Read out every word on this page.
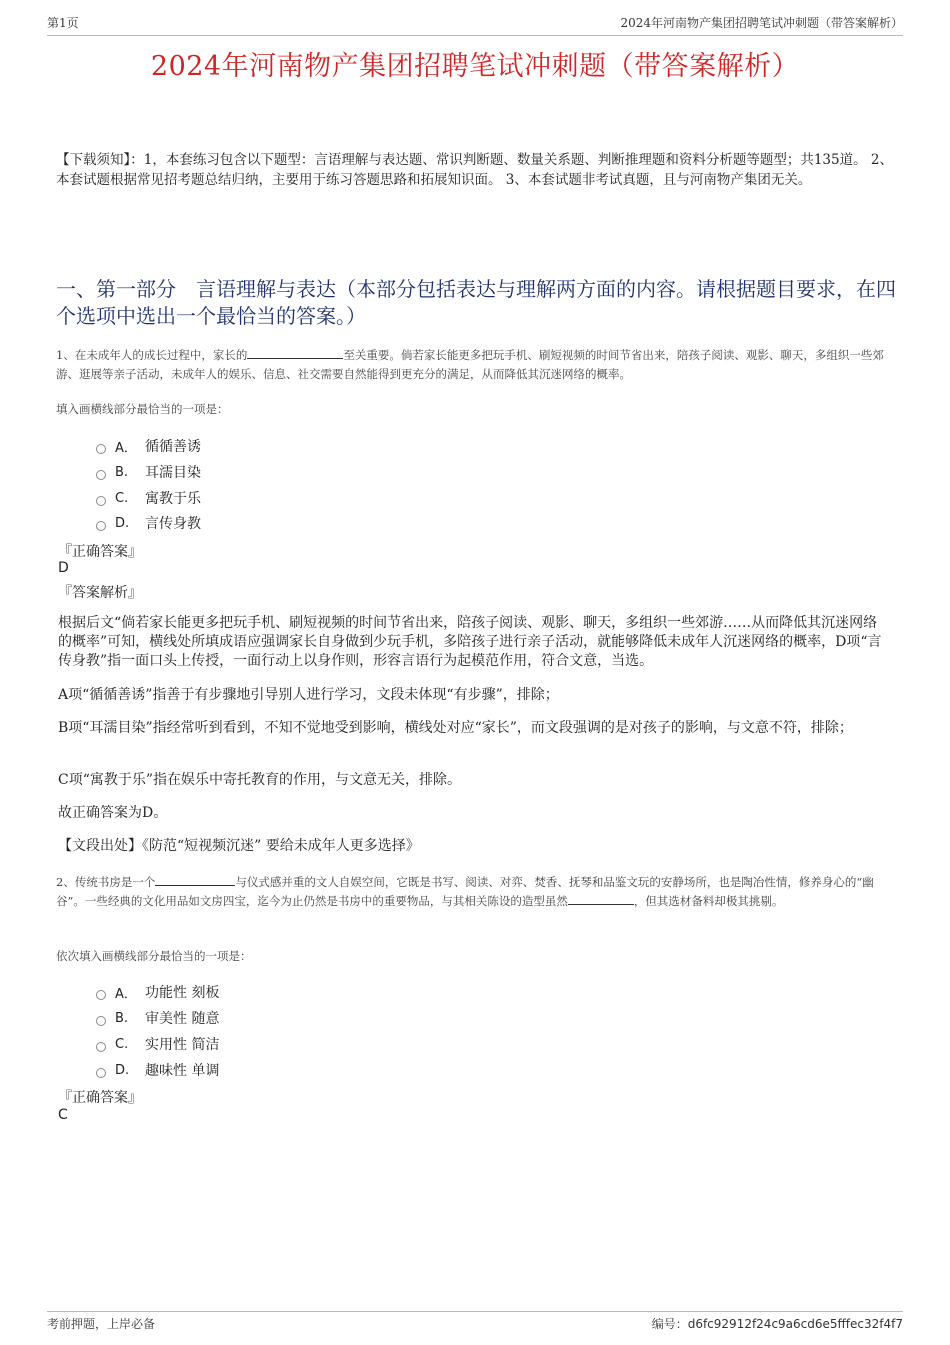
第1页	2024年河南物产集团招聘笔试冲刺题（带答案解析）
2024年河南物产集团招聘笔试冲刺题（带答案解析）
【下载须知】：1，本套练习包含以下题型：言语理解与表达题、常识判断题、数量关系题、判断推理题和资料分析题等题型；共135道。 2、本套试题根据常见招考题总结归纳，主要用于练习答题思路和拓展知识面。 3、本套试题非考试真题，且与河南物产集团无关。
一、第一部分　言语理解与表达（本部分包括表达与理解两方面的内容。请根据题目要求，在四个选项中选出一个最恰当的答案。）
1、在未成年人的成长过程中，家长的	至关重要。倘若家长能更多把玩手机、刷短视频的时间节省出来，陪孩子阅读、观影、聊天，多组织一些郊游、逛展等亲子活动，未成年人的娱乐、信息、社交需要自然能得到更充分的满足，从而降低其沉迷网络的概率。
填入画横线部分最恰当的一项是：
A． 循循善诱
B.	耳濡目染
C.	寓教于乐
D.	言传身教
『正确答案』
D
『答案解析』
根据后文“倘若家长能更多把玩手机、刷短视频的时间节省出来，陪孩子阅读、观影、聊天，多组织一些郊游……从而降低其沉迷网络的概率”可知，横线处所填成语应强调家长自身做到少玩手机，多陪孩子进行亲子活动，就能够降低未成年人沉迷网络的概率，D项“言传身教”指一面口头上传授，一面行动上以身作则，形容言语行为起模范作用，符合文意，当选。
A项“循循善诱”指善于有步骤地引导别人进行学习，文段未体现“有步骤”，排除；
B项“耳濡目染”指经常听到看到，不知不觉地受到影响，横线处对应“家长”，而文段强调的是对孩子的影响，与文意不符，排除；
C项“寓教于乐”指在娱乐中寄托教育的作用，与文意无关，排除。
故正确答案为D。
【文段出处】《防范“短视频沉迷” 要给未成年人更多选择》
2、传统书房是一个	与仪式感并重的文人自娱空间，它既是书写、阅读、对弈、焚香、抚琴和品鉴文玩的安静场所，也是陶冶性情，修养身心的“幽谷”。一些经典的文化用品如文房四宝，迄今为止仍然是书房中的重要物品，与其相关陈设的造型虽然	，但其选材备料却极其挑剔。
依次填入画横线部分最恰当的一项是：
A． 功能性 刻板
B.	审美性 随意
C.	实用性 简洁
D.	趣味性 单调
『正确答案』
C
考前押题，上岸必备	编号：d6fc92912f24c9a6cd6e5fffec32f4f7
